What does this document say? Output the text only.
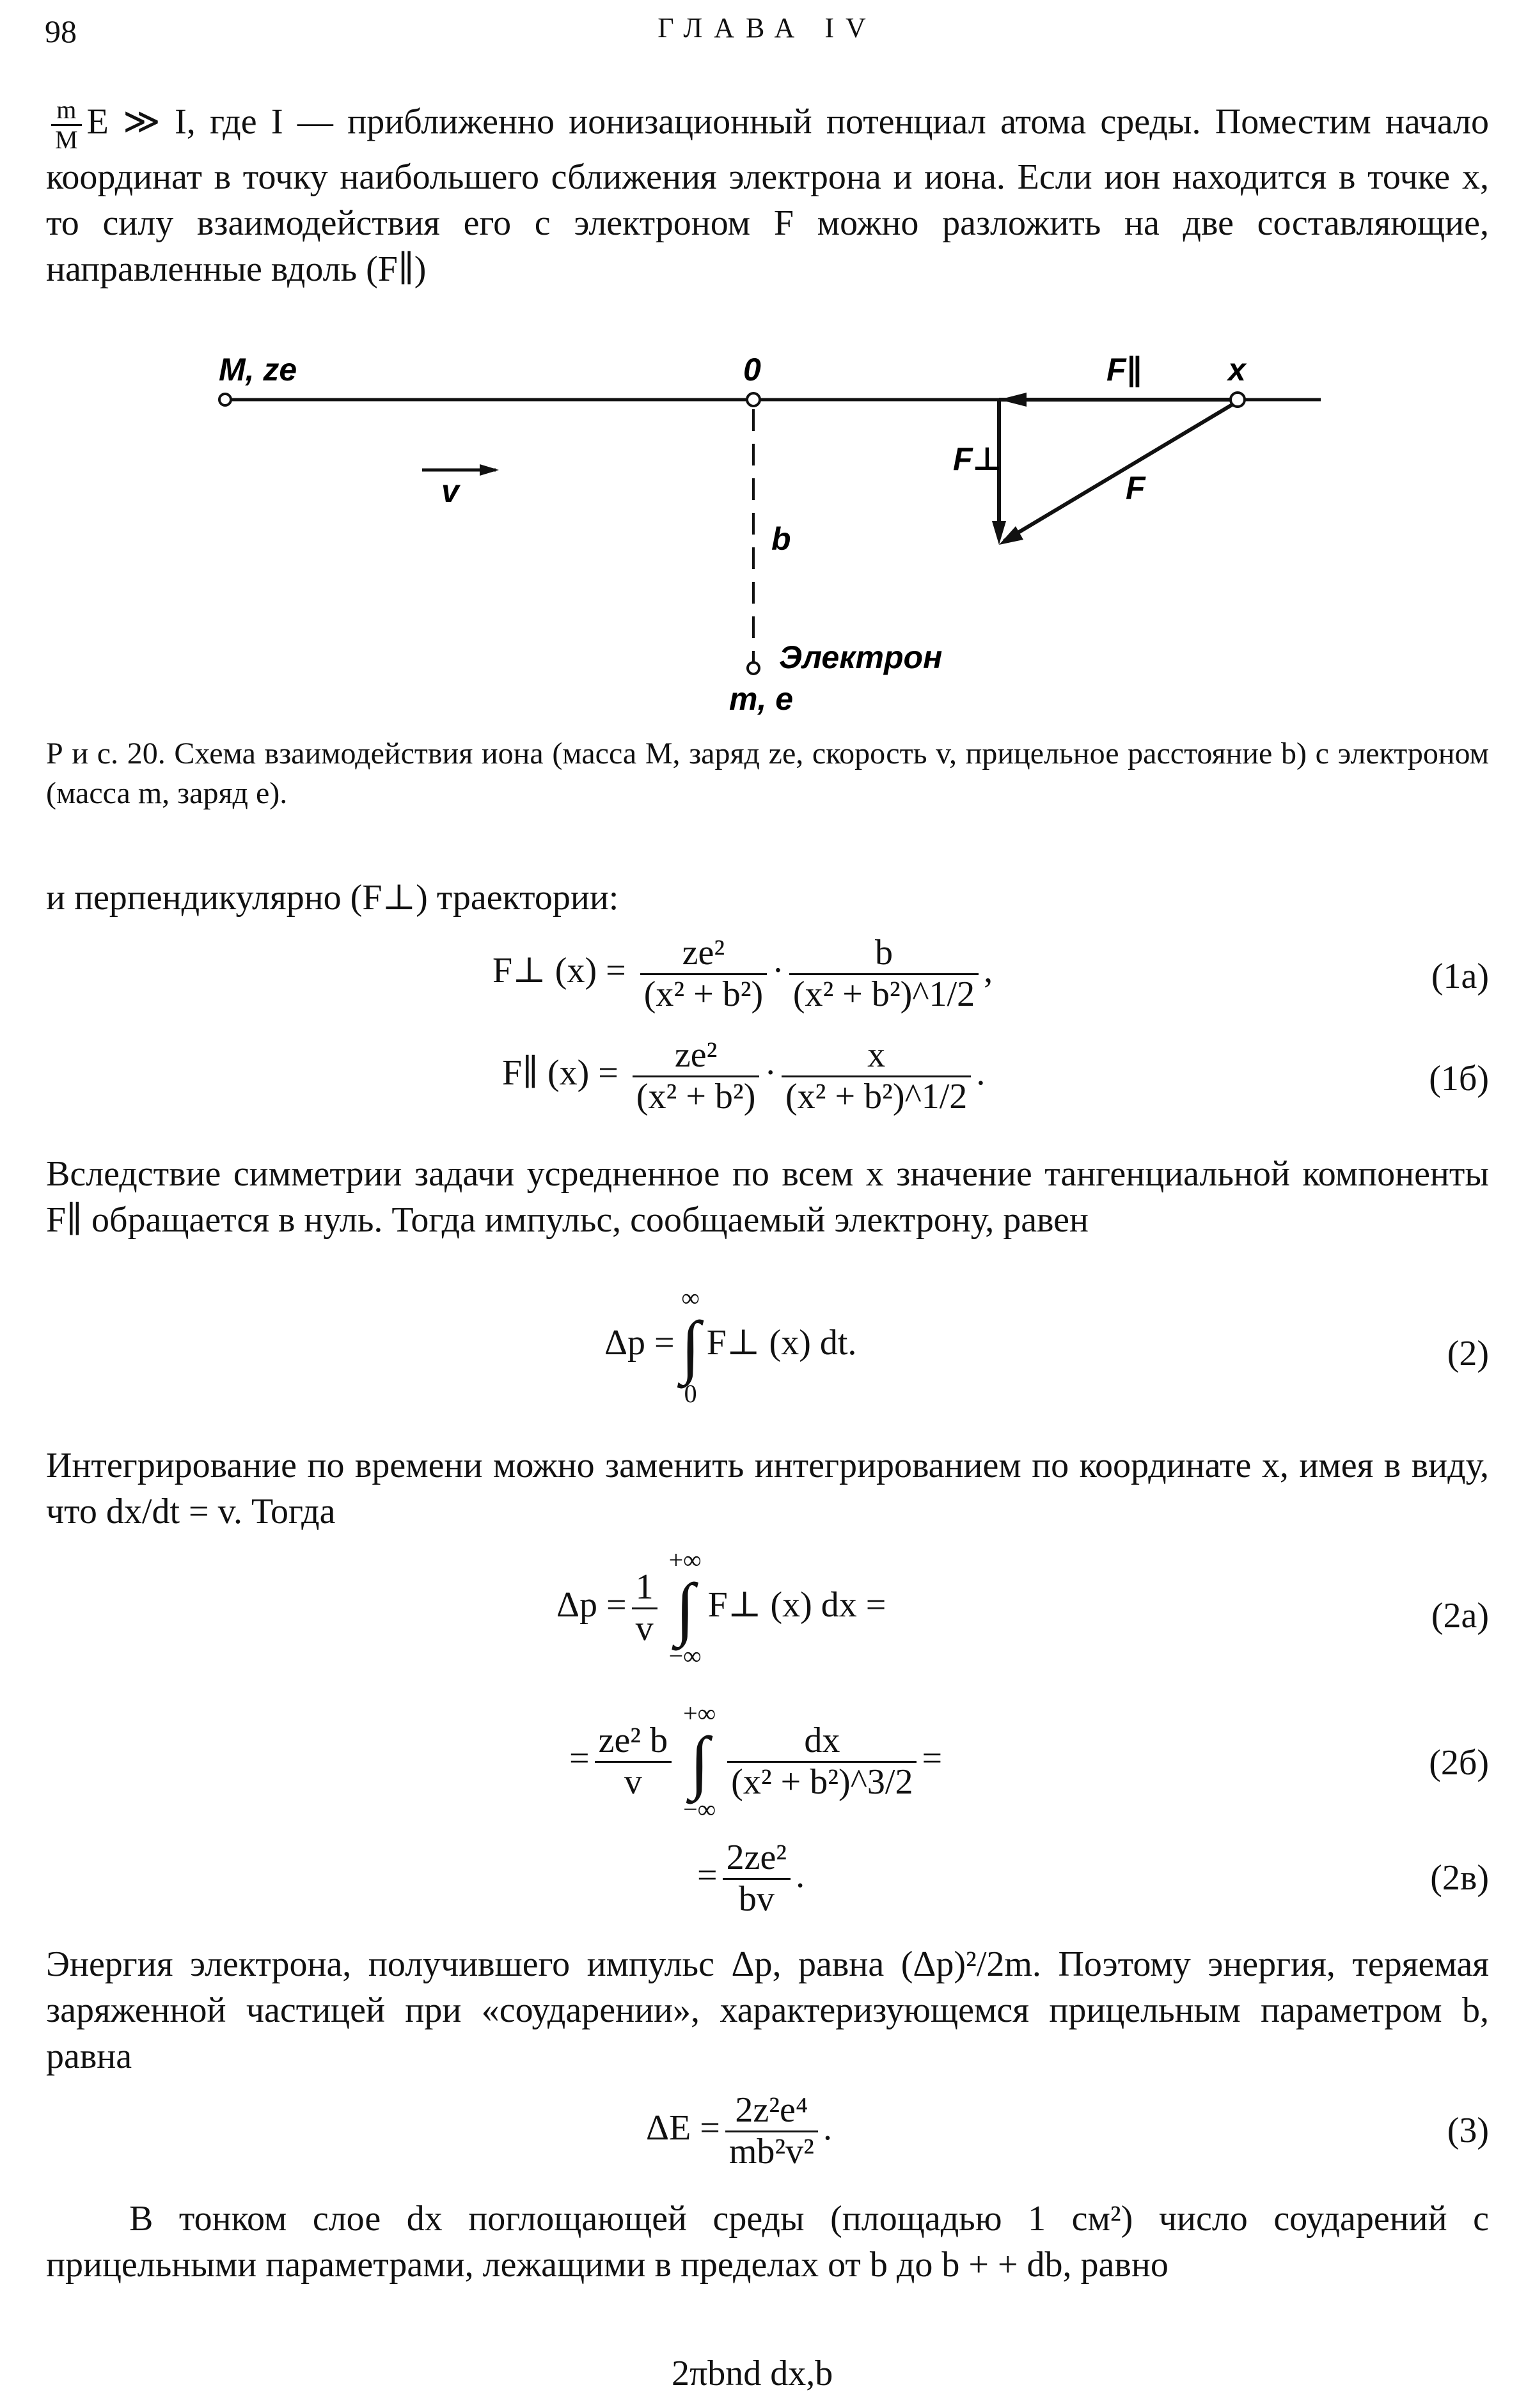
98	ГЛАВА IV
$\frac{m}{M}$ E ≫ I, где I — приближенно ионизационный потенциал атома среды. Поместим начало координат в точку наибольшего сближения электрона и иона. Если ион находится в точке x, то силу взаимодействия его с электроном F можно разложить на две составляющие, направленные вдоль (F∥)
M, ze	0	F∥	x
F⊥
F
v
b
Электрон
m, e
Р и с. 20. Схема взаимодействия иона (масса M, заряд ze, скорость v, прицельное расстояние b) с электроном (масса m, заряд e).
и перпендикулярно (F⊥) траектории:
F⊥ $(x) = \frac{\text{ze²}}{\text{(x² + b²)}} \cdot \frac{b}{\text{(x² + b²)\textasciicircum{}1/2}}$ ,	(1а)
F∥ $(x) = \frac{\text{ze²}}{\text{(x² + b²)}} \cdot \frac{x}{\text{(x² + b²)\textasciicircum{}1/2}}$ .	(1б)
Вследствие симметрии задачи усредненное по всем x значение тангенциальной компоненты F∥ обращается в нуль. Тогда импульс, сообщаемый электрону, равен
Δp =
∞
∫
0
F⊥ (x) dt.	(2)
Интегрирование по времени можно заменить интегрированием по координате x, имея в виду, что dx/dt = v. Тогда
$\Delta p = \frac{1}{v}$
+∞
∫
−∞
F⊥ (x) dx =	(2а)
= $\frac{\text{ze² b}}{v}$
+∞
∫
−∞
$\frac{dx}{\text{(x² + b²)\textasciicircum{}3/2}}$ =	(2б)
= $\frac{\text{2ze²}}{bv}$ .	(2в)
Энергия электрона, получившего импульс Δp, равна (Δp)²/2m. Поэтому энергия, теряемая заряженной частицей при «соударении», характеризующемся прицельным параметром b, равна
$\Delta E = \frac{\text{2z²e⁴}}{\text{mb²v²}}$ .	(3)
В тонком слое dx поглощающей среды (площадью 1 см²) число соударений с прицельными параметрами, лежащими в пределах от b до b + + db, равно
2πbnd dx,b
